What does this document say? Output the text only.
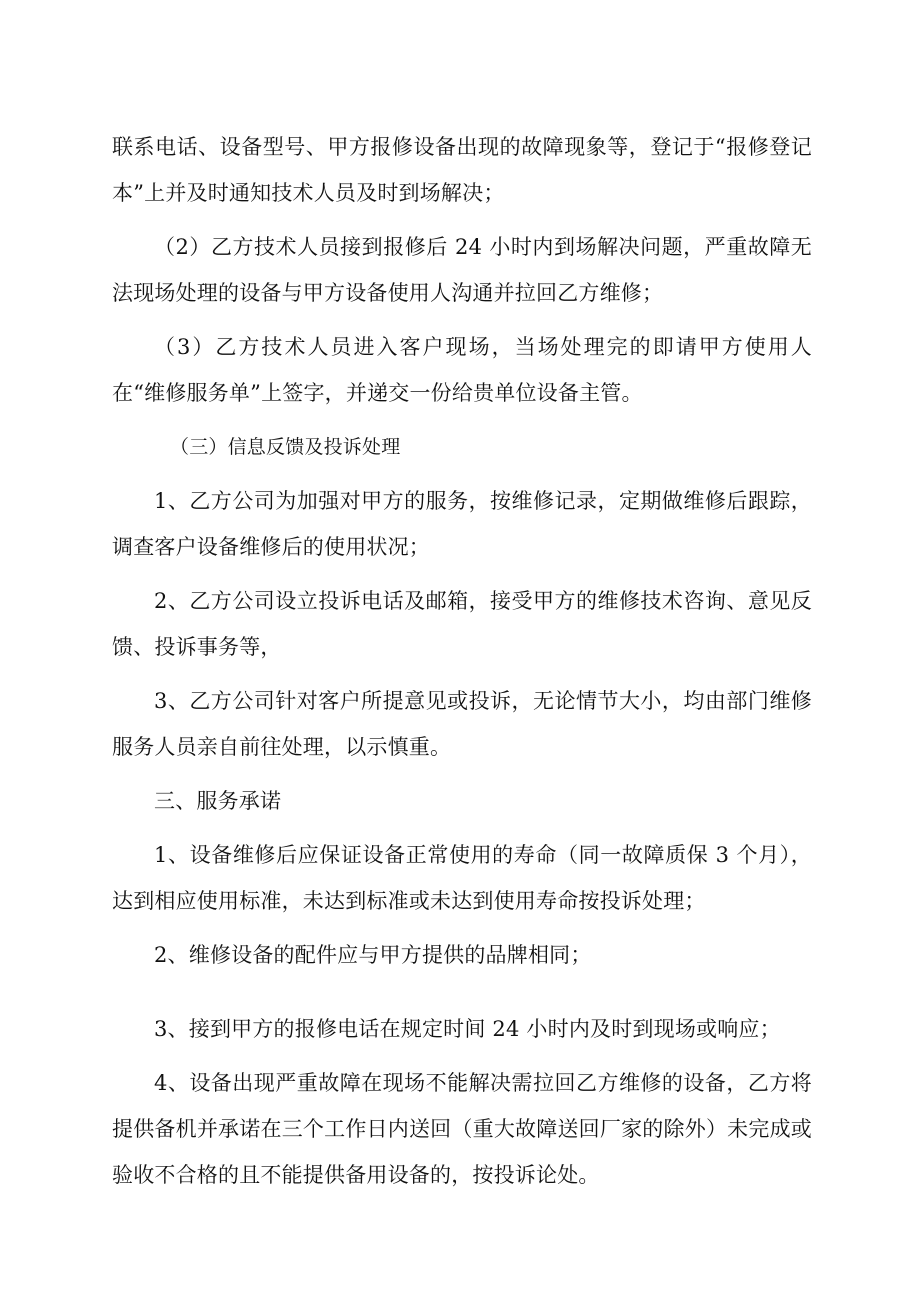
联系电话、设备型号、甲方报修设备出现的故障现象等，登记于“报修登记本”上并及时通知技术人员及时到场解决；

（2）乙方技术人员接到报修后 24 小时内到场解决问题，严重故障无法现场处理的设备与甲方设备使用人沟通并拉回乙方维修；

（3）乙方技术人员进入客户现场，当场处理完的即请甲方使用人在“维修服务单”上签字，并递交一份给贵单位设备主管。

（三）信息反馈及投诉处理

1、乙方公司为加强对甲方的服务，按维修记录，定期做维修后跟踪，调查客户设备维修后的使用状况；

2、乙方公司设立投诉电话及邮箱，接受甲方的维修技术咨询、意见反馈、投诉事务等，

3、乙方公司针对客户所提意见或投诉，无论情节大小，均由部门维修服务人员亲自前往处理，以示慎重。

三、服务承诺

1、设备维修后应保证设备正常使用的寿命（同一故障质保 3 个月），达到相应使用标准，未达到标准或未达到使用寿命按投诉处理；

2、维修设备的配件应与甲方提供的品牌相同；

3、接到甲方的报修电话在规定时间 24 小时内及时到现场或响应；

4、设备出现严重故障在现场不能解决需拉回乙方维修的设备，乙方将提供备机并承诺在三个工作日内送回（重大故障送回厂家的除外）未完成或验收不合格的且不能提供备用设备的，按投诉论处。
